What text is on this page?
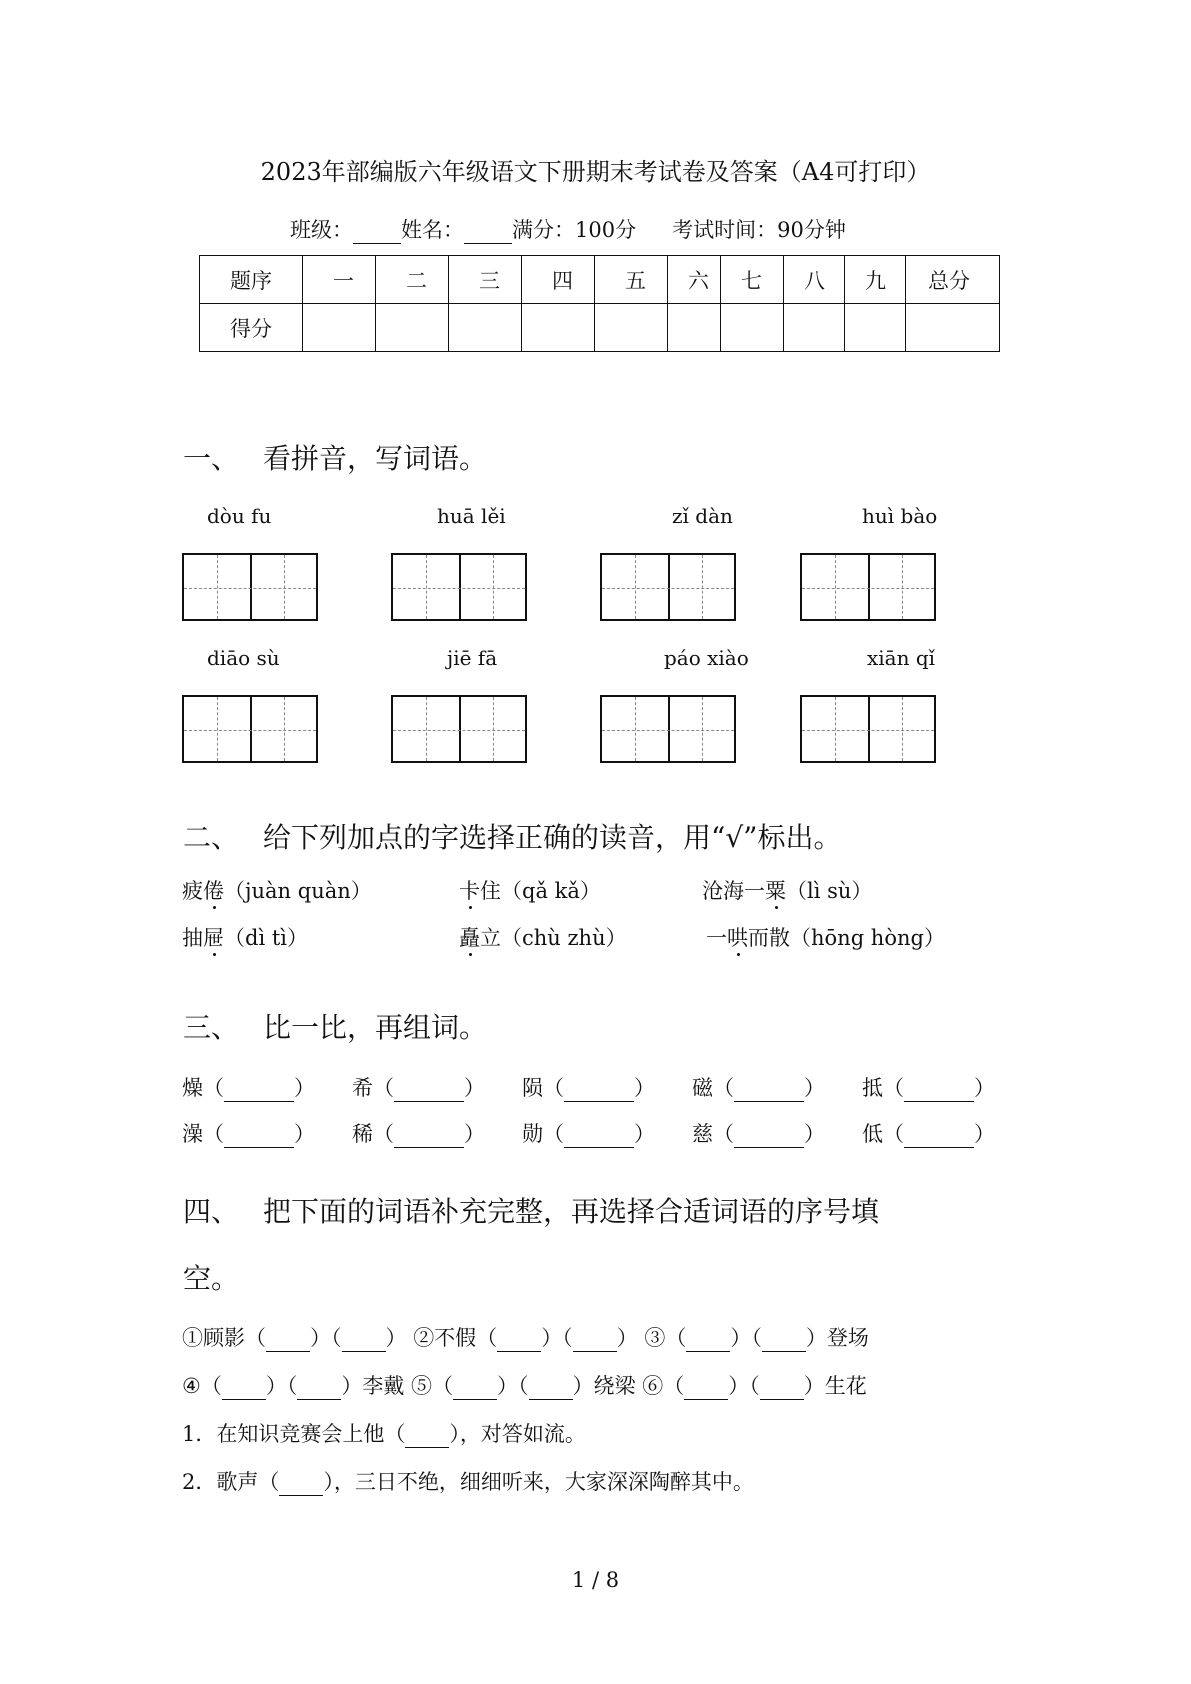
2023年部编版六年级语文下册期末考试卷及答案（A4可打印）
班级： 姓名： 满分：100分 考试时间：90分钟
题序	一	二	三	四	五	六	七	八	九	总分
得分										
一、 看拼音，写词语。
dòu fu	huā lěi	zǐ dàn	huì bào
diāo sù	jiē fā	páo xiào	xiān qǐ
二、 给下列加点的字选择正确的读音，用“√”标出。
疲倦（juàn quàn）	卡住（qǎ kǎ）	沧海一粟（lì sù）
抽屉（dì tì）	矗立（chù zhù）	一哄而散（hōng hòng）
三、 比一比，再组词。
燥（	） 希（	） 陨（	） 磁（	） 抵（	）
澡（	） 稀（	） 勋（	） 慈（	） 低（	）
四、 把下面的词语补充完整，再选择合适词语的序号填
空。
①顾影（ ）（ ） ②不假（ ）（ ） ③（ ）（ ）登场
④（ ）（ ）李戴 ⑤（ ）（ ）绕梁 ⑥（ ）（ ）生花
1．在知识竞赛会上他（ ），对答如流。
2．歌声（ ），三日不绝，细细听来，大家深深陶醉其中。
1 / 8
